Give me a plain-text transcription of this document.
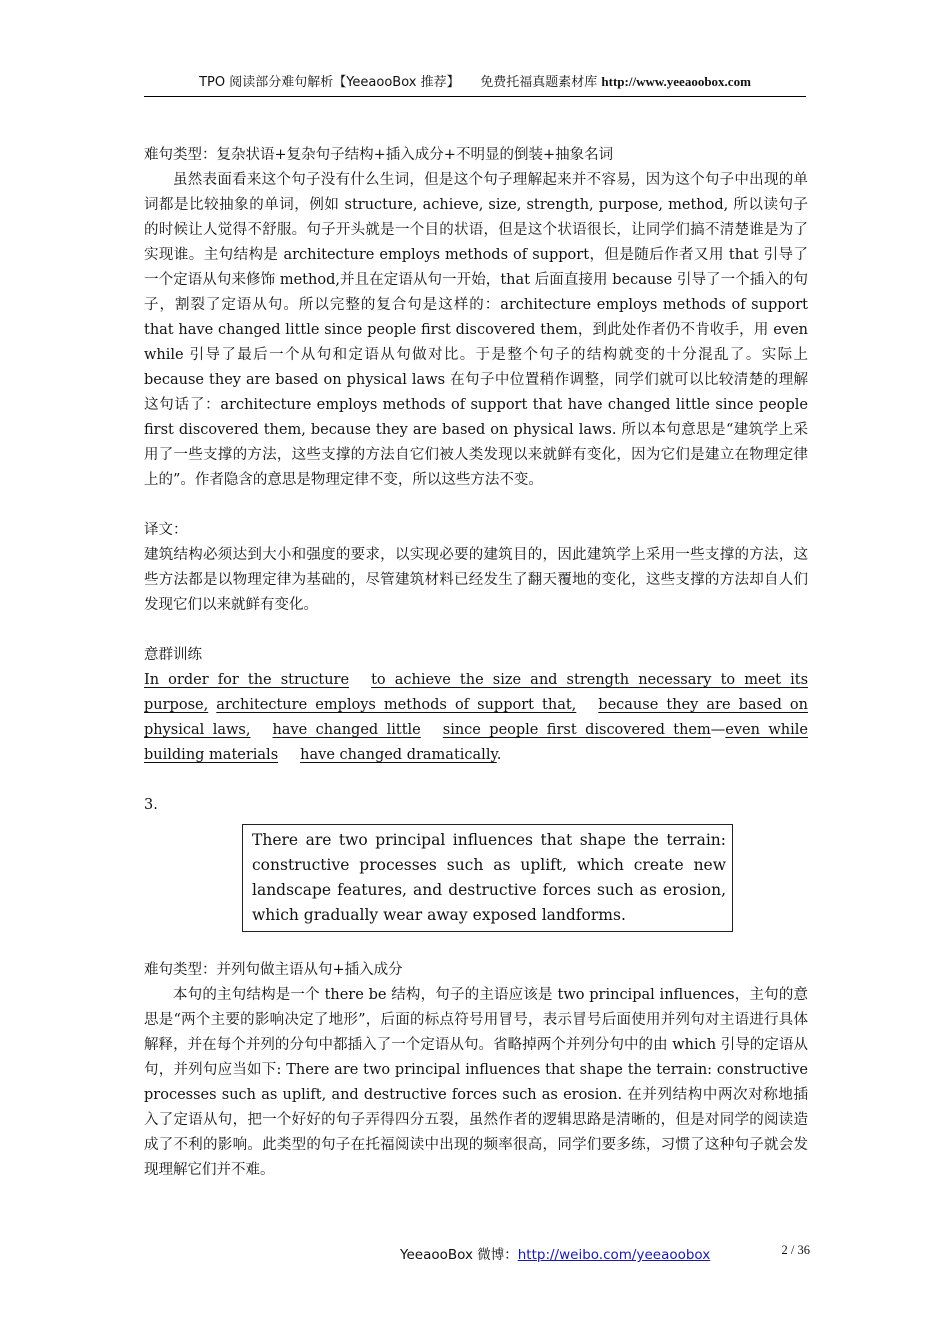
TPO 阅读部分难句解析【YeeaooBox 推荐】 免费托福真题素材库 http://www.yeeaoobox.com

难句类型：复杂状语+复杂句子结构+插入成分+不明显的倒装+抽象名词

虽然表面看来这个句子没有什么生词，但是这个句子理解起来并不容易，因为这个句子中出现的单词都是比较抽象的单词，例如 structure, achieve, size, strength, purpose, method, 所以读句子的时候让人觉得不舒服。句子开头就是一个目的状语，但是这个状语很长，让同学们搞不清楚谁是为了实现谁。主句结构是 architecture employs methods of support，但是随后作者又用 that 引导了一个定语从句来修饰 method,并且在定语从句一开始，that 后面直接用 because 引导了一个插入的句子，割裂了定语从句。所以完整的复合句是这样的：architecture employs methods of support that have changed little since people first discovered them，到此处作者仍不肯收手，用 even while 引导了最后一个从句和定语从句做对比。于是整个句子的结构就变的十分混乱了。实际上 because they are based on physical laws 在句子中位置稍作调整，同学们就可以比较清楚的理解这句话了：architecture employs methods of support that have changed little since people first discovered them, because they are based on physical laws. 所以本句意思是“建筑学上采用了一些支撑的方法，这些支撑的方法自它们被人类发现以来就鲜有变化，因为它们是建立在物理定律上的”。作者隐含的意思是物理定律不变，所以这些方法不变。

译文：

建筑结构必须达到大小和强度的要求，以实现必要的建筑目的，因此建筑学上采用一些支撑的方法，这些方法都是以物理定律为基础的，尽管建筑材料已经发生了翻天覆地的变化，这些支撑的方法却自人们发现它们以来就鲜有变化。

意群训练

In order for the structure to achieve the size and strength necessary to meet its purpose, architecture employs methods of support that, because they are based on physical laws, have changed little since people first discovered them—even while building materials have changed dramatically.

3.

There are two principal influences that shape the terrain: constructive processes such as uplift, which create new landscape features, and destructive forces such as erosion, which gradually wear away exposed landforms.

难句类型：并列句做主语从句+插入成分

本句的主句结构是一个 there be 结构，句子的主语应该是 two principal influences，主句的意思是“两个主要的影响决定了地形”，后面的标点符号用冒号，表示冒号后面使用并列句对主语进行具体解释，并在每个并列的分句中都插入了一个定语从句。省略掉两个并列分句中的由 which 引导的定语从句，并列句应当如下: There are two principal influences that shape the terrain: constructive processes such as uplift, and destructive forces such as erosion. 在并列结构中两次对称地插入了定语从句，把一个好好的句子弄得四分五裂，虽然作者的逻辑思路是清晰的，但是对同学的阅读造成了不利的影响。此类型的句子在托福阅读中出现的频率很高，同学们要多练，习惯了这种句子就会发现理解它们并不难。

YeeaooBox 微博：http://weibo.com/yeeaoobox	2 / 36
